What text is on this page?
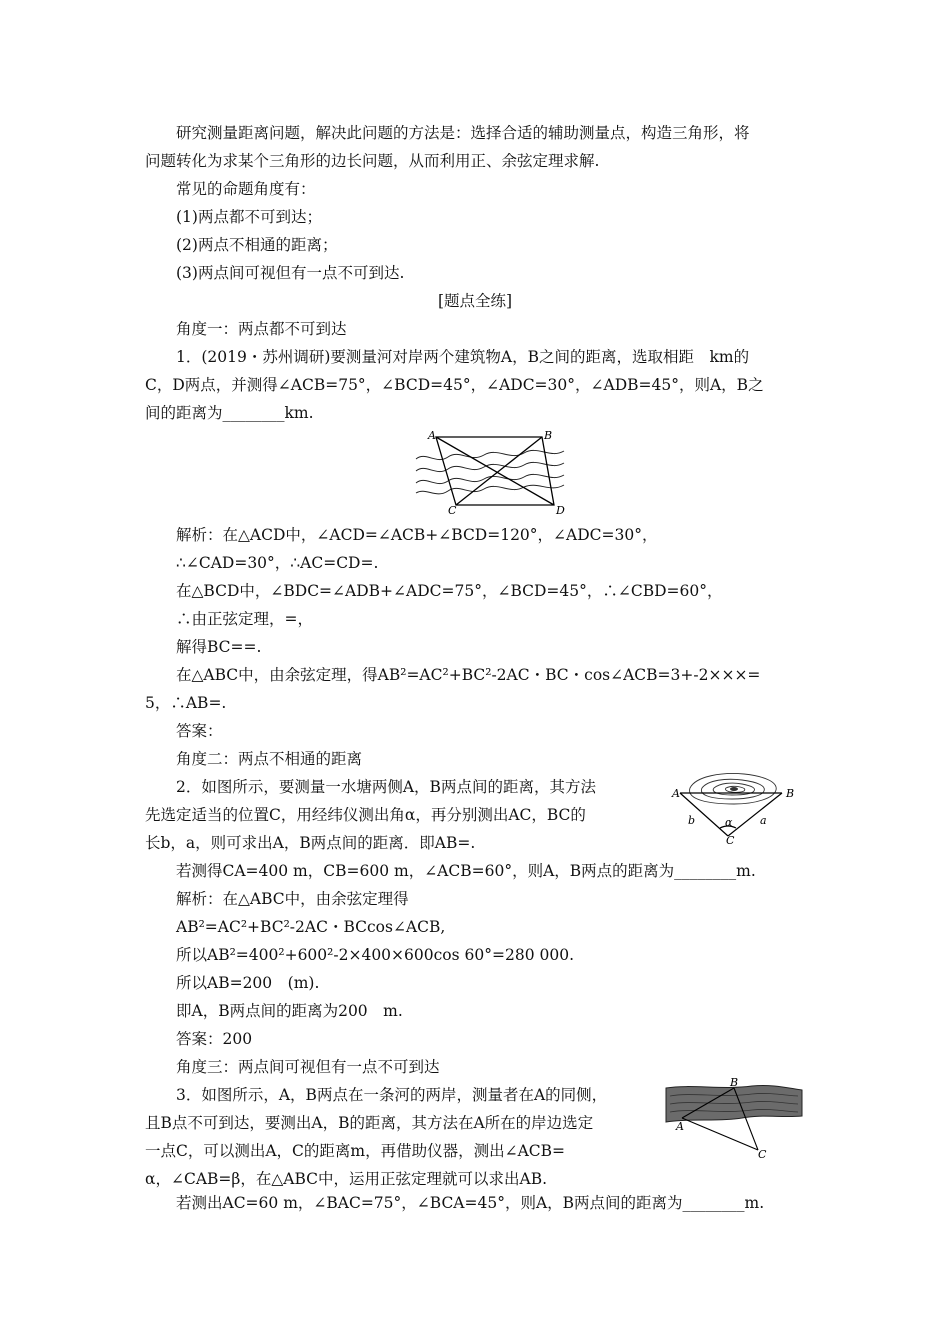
研究测量距离问题，解决此问题的方法是：选择合适的辅助测量点，构造三角形，将
问题转化为求某个三角形的边长问题，从而利用正、余弦定理求解.
常见的命题角度有：
(1)两点都不可到达；
(2)两点不相通的距离；
(3)两点间可视但有一点不可到达.
[题点全练]
角度一：两点都不可到达
1．(2019・苏州调研)要测量河对岸两个建筑物A，B之间的距离，选取相距　km的
C，D两点，并测得∠ACB=75°，∠BCD=45°，∠ADC=30°，∠ADB=45°，则A，B之
间的距离为________km.
A	B
C	D
解析：在△ACD中，∠ACD=∠ACB+∠BCD=120°，∠ADC=30°，
∴∠CAD=30°，∴AC=CD=.
在△BCD中，∠BDC=∠ADB+∠ADC=75°，∠BCD=45°，∴∠CBD=60°，
∴由正弦定理，=，
解得BC==.
在△ABC中，由余弦定理，得AB²=AC²+BC²-2AC・BC・cos∠ACB=3+-2×××=
5，∴AB=.
答案：
角度二：两点不相通的距离
2．如图所示，要测量一水塘两侧A，B两点间的距离，其方法
先选定适当的位置C，用经纬仪测出角α，再分别测出AC，BC的
长b，a，则可求出A，B两点间的距离．即AB=.
A	B
C
b	a
α
若测得CA=400 m，CB=600 m，∠ACB=60°，则A，B两点的距离为________m.
解析：在△ABC中，由余弦定理得
AB²=AC²+BC²-2AC・BCcos∠ACB,
所以AB²=400²+600²-2×400×600cos 60°=280 000.
所以AB=200　(m).
即A，B两点间的距离为200　m.
答案：200
角度三：两点间可视但有一点不可到达
3．如图所示，A，B两点在一条河的两岸，测量者在A的同侧，
且B点不可到达，要测出A，B的距离，其方法在A所在的岸边选定
一点C，可以测出A，C的距离m，再借助仪器，测出∠ACB=
α，∠CAB=β，在△ABC中，运用正弦定理就可以求出AB.
B
A
C
若测出AC=60 m，∠BAC=75°，∠BCA=45°，则A，B两点间的距离为________m.
